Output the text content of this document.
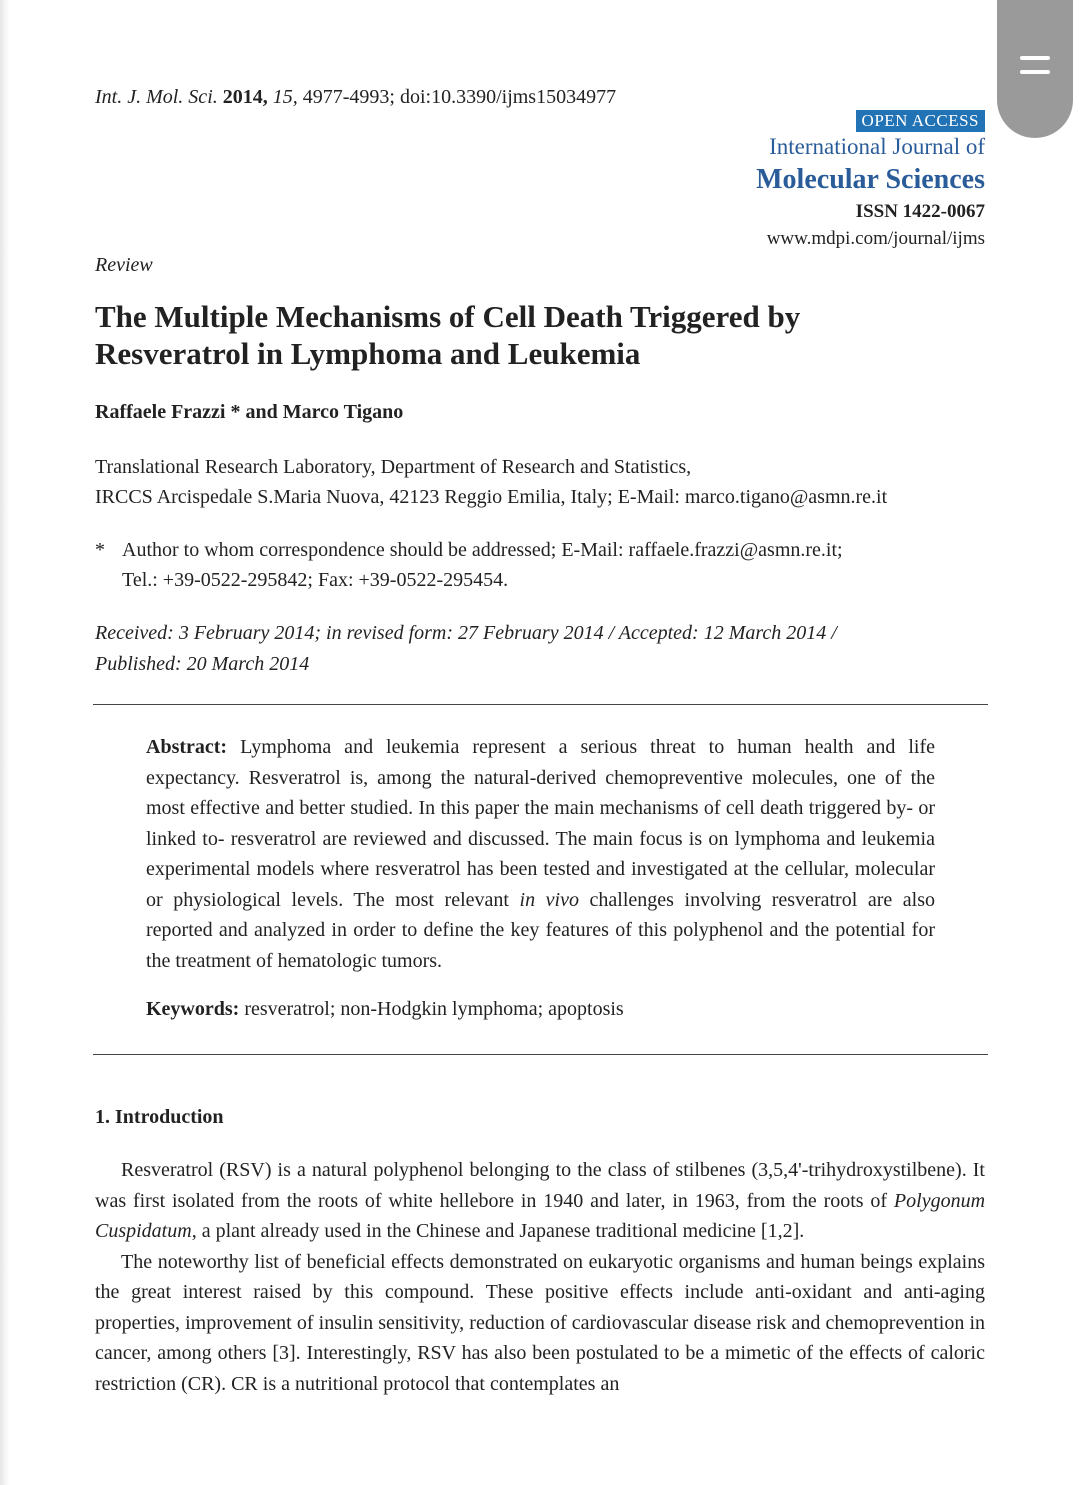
Int. J. Mol. Sci. 2014, 15, 4977-4993; doi:10.3390/ijms15034977
OPEN ACCESS
International Journal of
Molecular Sciences
ISSN 1422-0067
www.mdpi.com/journal/ijms
Review
The Multiple Mechanisms of Cell Death Triggered by Resveratrol in Lymphoma and Leukemia
Raffaele Frazzi * and Marco Tigano
Translational Research Laboratory, Department of Research and Statistics,
IRCCS Arcispedale S.Maria Nuova, 42123 Reggio Emilia, Italy; E-Mail: marco.tigano@asmn.re.it
* Author to whom correspondence should be addressed; E-Mail: raffaele.frazzi@asmn.re.it;
Tel.: +39-0522-295842; Fax: +39-0522-295454.
Received: 3 February 2014; in revised form: 27 February 2014 / Accepted: 12 March 2014 /
Published: 20 March 2014

Abstract: Lymphoma and leukemia represent a serious threat to human health and life expectancy. Resveratrol is, among the natural-derived chemopreventive molecules, one of the most effective and better studied. In this paper the main mechanisms of cell death triggered by- or linked to- resveratrol are reviewed and discussed. The main focus is on lymphoma and leukemia experimental models where resveratrol has been tested and investigated at the cellular, molecular or physiological levels. The most relevant in vivo challenges involving resveratrol are also reported and analyzed in order to define the key features of this polyphenol and the potential for the treatment of hematologic tumors.

Keywords: resveratrol; non-Hodgkin lymphoma; apoptosis
1. Introduction

Resveratrol (RSV) is a natural polyphenol belonging to the class of stilbenes (3,5,4'-trihydroxystilbene). It was first isolated from the roots of white hellebore in 1940 and later, in 1963, from the roots of Polygonum Cuspidatum, a plant already used in the Chinese and Japanese traditional medicine [1,2].

The noteworthy list of beneficial effects demonstrated on eukaryotic organisms and human beings explains the great interest raised by this compound. These positive effects include anti-oxidant and anti-aging properties, improvement of insulin sensitivity, reduction of cardiovascular disease risk and chemoprevention in cancer, among others [3]. Interestingly, RSV has also been postulated to be a mimetic of the effects of caloric restriction (CR). CR is a nutritional protocol that contemplates an
